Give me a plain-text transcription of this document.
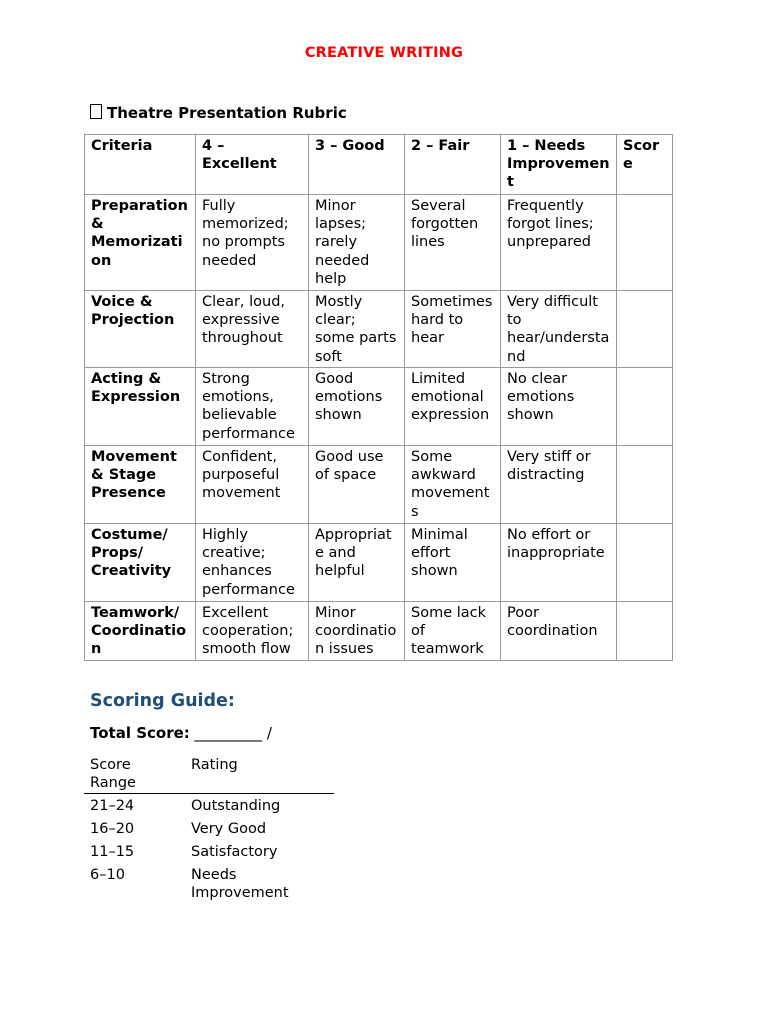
CREATIVE WRITING
Theatre Presentation Rubric
Criteria	4 – Excellent	3 – Good	2 – Fair	1 – Needs Improvement	Score
Preparation & Memorization	Fully memorized; no prompts needed	Minor lapses; rarely needed help	Several forgotten lines	Frequently forgot lines; unprepared	
Voice & Projection	Clear, loud, expressive throughout	Mostly clear; some parts soft	Sometimes hard to hear	Very difficult to hear/understand	
Acting & Expression	Strong emotions, believable performance	Good emotions shown	Limited emotional expression	No clear emotions shown	
Movement & Stage Presence	Confident, purposeful movement	Good use of space	Some awkward movements	Very stiff or distracting	
Costume/ Props/ Creativity	Highly creative; enhances performance	Appropriate and helpful	Minimal effort shown	No effort or inappropriate	
Teamwork/ Coordination	Excellent cooperation; smooth flow	Minor coordination issues	Some lack of teamwork	Poor coordination	
Scoring Guide:
Total Score: _________ /
Score Range	Rating
21–24	Outstanding
16–20	Very Good
11–15	Satisfactory
6–10	Needs Improvement
